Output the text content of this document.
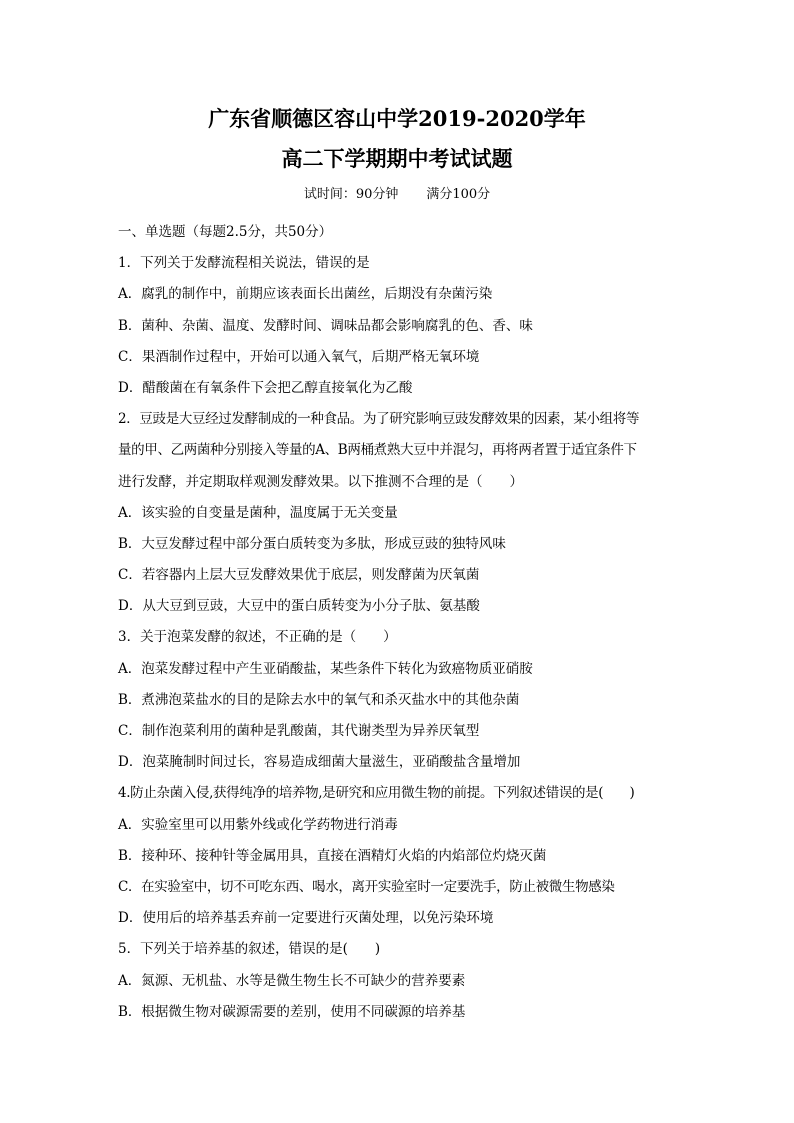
广东省顺德区容山中学2019-2020学年
高二下学期期中考试试题
试时间：90分钟 满分100分
一、单选题（每题2.5分，共50分）
1．下列关于发酵流程相关说法，错误的是
A．腐乳的制作中，前期应该表面长出菌丝，后期没有杂菌污染
B．菌种、杂菌、温度、发酵时间、调味品都会影响腐乳的色、香、味
C．果酒制作过程中，开始可以通入氧气，后期严格无氧环境
D．醋酸菌在有氧条件下会把乙醇直接氧化为乙酸
2．豆豉是大豆经过发酵制成的一种食品。为了研究影响豆豉发酵效果的因素，某小组将等
量的甲、乙两菌种分别接入等量的A、B两桶煮熟大豆中并混匀，再将两者置于适宜条件下
进行发酵，并定期取样观测发酵效果。以下推测不合理的是（　　）
A．该实验的自变量是菌种，温度属于无关变量
B．大豆发酵过程中部分蛋白质转变为多肽，形成豆豉的独特风味
C．若容器内上层大豆发酵效果优于底层，则发酵菌为厌氧菌
D．从大豆到豆豉，大豆中的蛋白质转变为小分子肽、氨基酸
3．关于泡菜发酵的叙述，不正确的是（　　）
A．泡菜发酵过程中产生亚硝酸盐，某些条件下转化为致癌物质亚硝胺
B．煮沸泡菜盐水的目的是除去水中的氧气和杀灭盐水中的其他杂菌
C．制作泡菜利用的菌种是乳酸菌，其代谢类型为异养厌氧型
D．泡菜腌制时间过长，容易造成细菌大量滋生，亚硝酸盐含量增加
4.防止杂菌入侵,获得纯净的培养物,是研究和应用微生物的前提。下列叙述错误的是(　　)
A．实验室里可以用紫外线或化学药物进行消毒
B．接种环、接种针等金属用具，直接在酒精灯火焰的内焰部位灼烧灭菌
C．在实验室中，切不可吃东西、喝水，离开实验室时一定要洗手，防止被微生物感染
D．使用后的培养基丢弃前一定要进行灭菌处理，以免污染环境
5．下列关于培养基的叙述，错误的是(　　)
A．氮源、无机盐、水等是微生物生长不可缺少的营养要素
B．根据微生物对碳源需要的差别，使用不同碳源的培养基
